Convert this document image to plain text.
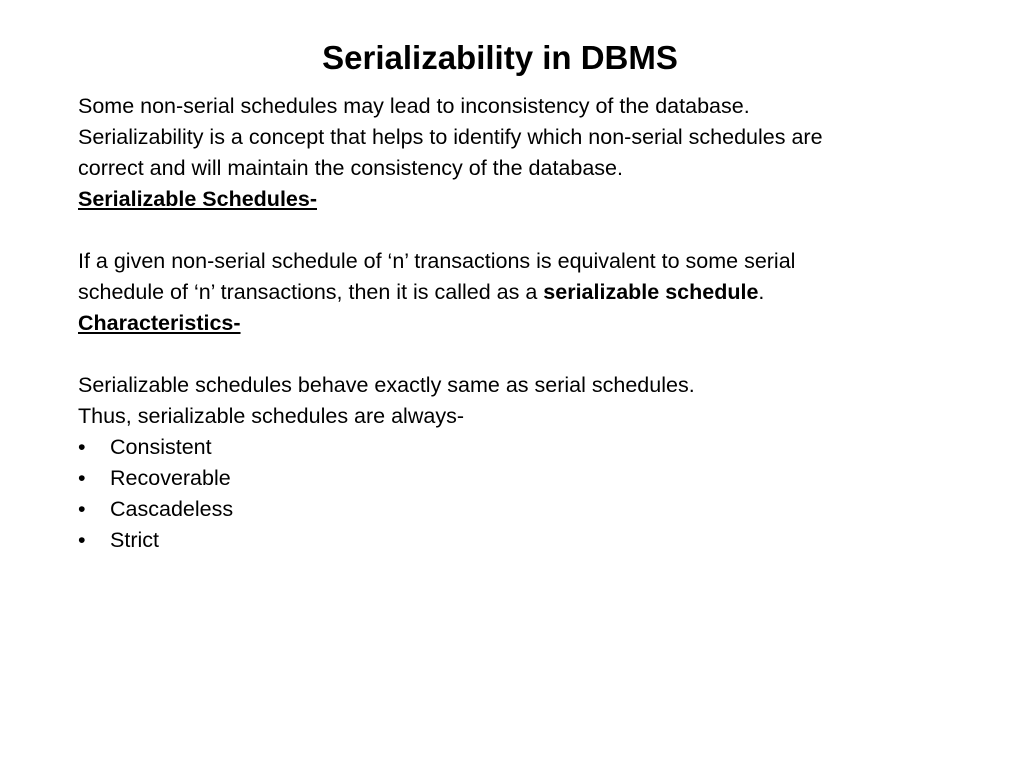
Serializability in DBMS
Some non-serial schedules may lead to inconsistency of the database.
Serializability is a concept that helps to identify which non-serial schedules are
correct and will maintain the consistency of the database.
Serializable Schedules-
If a given non-serial schedule of ‘n’ transactions is equivalent to some serial
schedule of ‘n’ transactions, then it is called as a serializable schedule.
Characteristics-
Serializable schedules behave exactly same as serial schedules.
Thus, serializable schedules are always-
•	Consistent
•	Recoverable
•	Cascadeless
•	Strict
